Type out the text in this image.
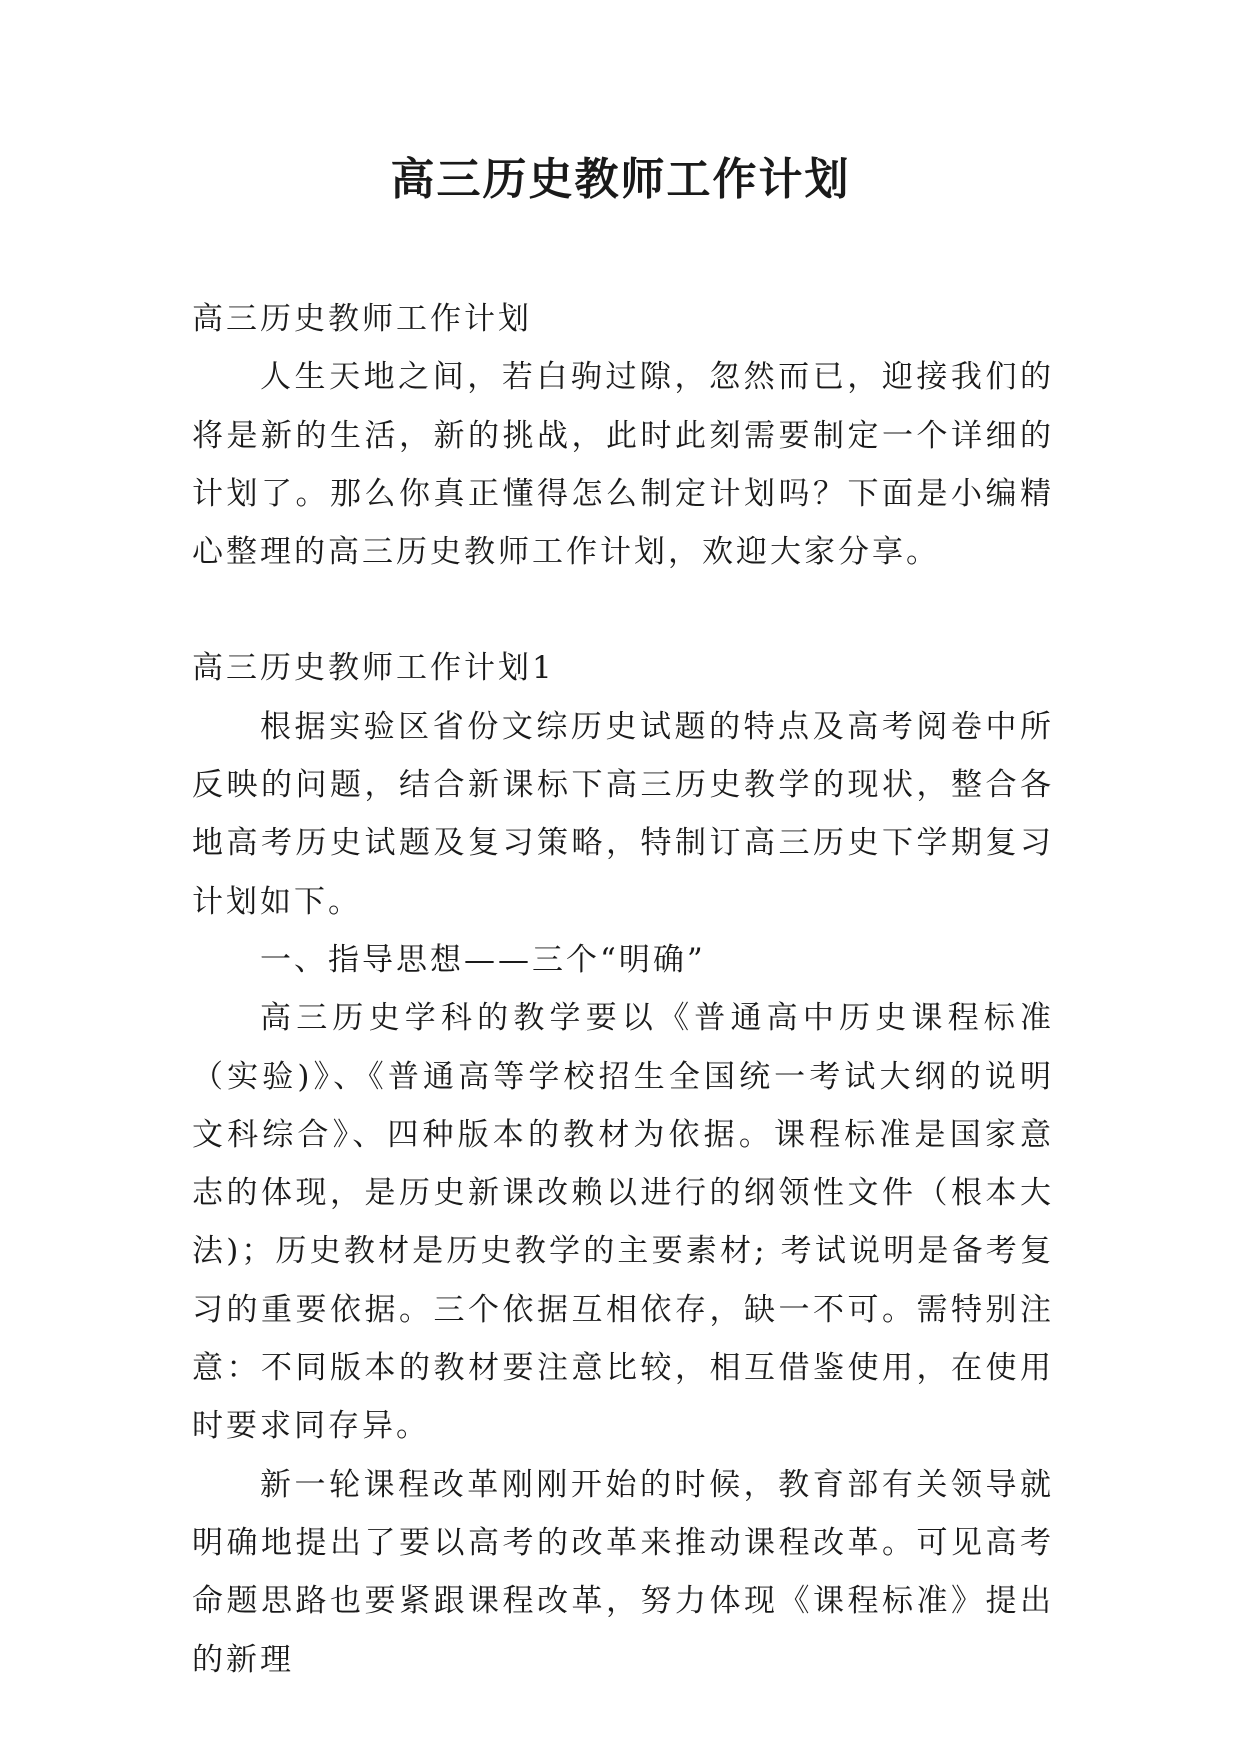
高三历史教师工作计划

高三历史教师工作计划

人生天地之间，若白驹过隙，忽然而已，迎接我们的将是新的生活，新的挑战，此时此刻需要制定一个详细的计划了。那么你真正懂得怎么制定计划吗？下面是小编精心整理的高三历史教师工作计划，欢迎大家分享。

高三历史教师工作计划1

根据实验区省份文综历史试题的特点及高考阅卷中所反映的问题，结合新课标下高三历史教学的现状，整合各地高考历史试题及复习策略，特制订高三历史下学期复习计划如下。

一、指导思想——三个“明确”

高三历史学科的教学要以《普通高中历史课程标准（实验)》、《普通高等学校招生全国统一考试大纲的说明文科综合》、四种版本的教材为依据。课程标准是国家意志的体现，是历史新课改赖以进行的纲领性文件（根本大法)；历史教材是历史教学的主要素材; 考试说明是备考复习的重要依据。三个依据互相依存，缺一不可。需特别注意：不同版本的教材要注意比较，相互借鉴使用，在使用时要求同存异。

新一轮课程改革刚刚开始的时候，教育部有关领导就明确地提出了要以高考的改革来推动课程改革。可见高考命题思路也要紧跟课程改革，努力体现《课程标准》提出的新理
